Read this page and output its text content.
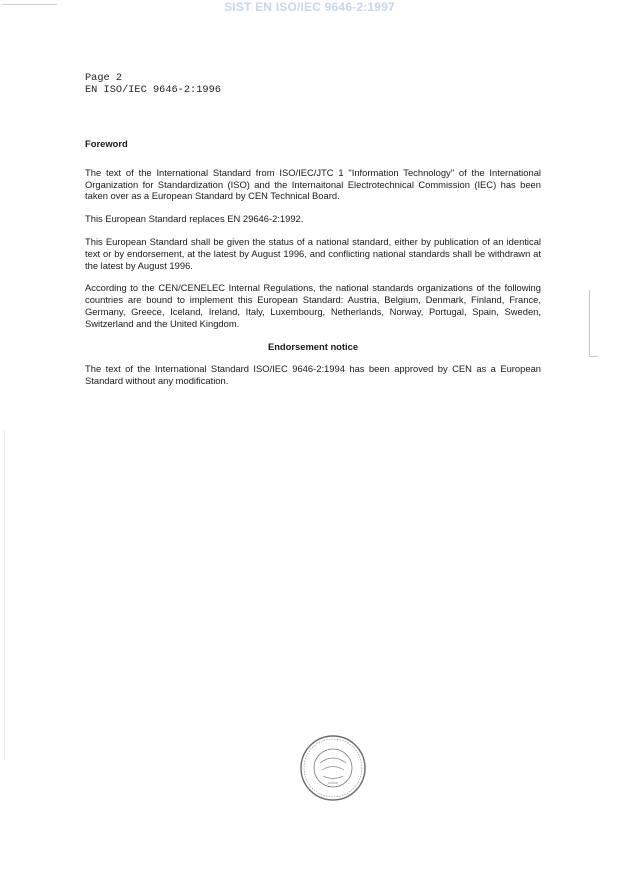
SIST EN ISO/IEC 9646-2:1997
Page 2
EN ISO/IEC 9646-2:1996
Foreword

The text of the International Standard from ISO/IEC/JTC 1 "Information Technology" of the International Organization for Standardization (ISO) and the Internaitonal Electrotechnical Commission (IEC) has been taken over as a European Standard by CEN Technical Board.

This European Standard replaces EN 29646-2:1992.

This European Standard shall be given the status of a national standard, either by publication of an identical text or by endorsement, at the latest by August 1996, and conflicting national standards shall be withdrawn at the latest by August 1996.

According to the CEN/CENELEC Internal Regulations, the national standards organizations of the following countries are bound to implement this European Standard: Austria, Belgium, Denmark, Finland, France, Germany, Greece, Iceland, Ireland, Italy, Luxembourg, Netherlands, Norway, Portugal, Spain, Sweden, Switzerland and the United Kingdom.

Endorsement notice

The text of the International Standard ISO/IEC 9646-2:1994 has been approved by CEN as a European Standard without any modification.
